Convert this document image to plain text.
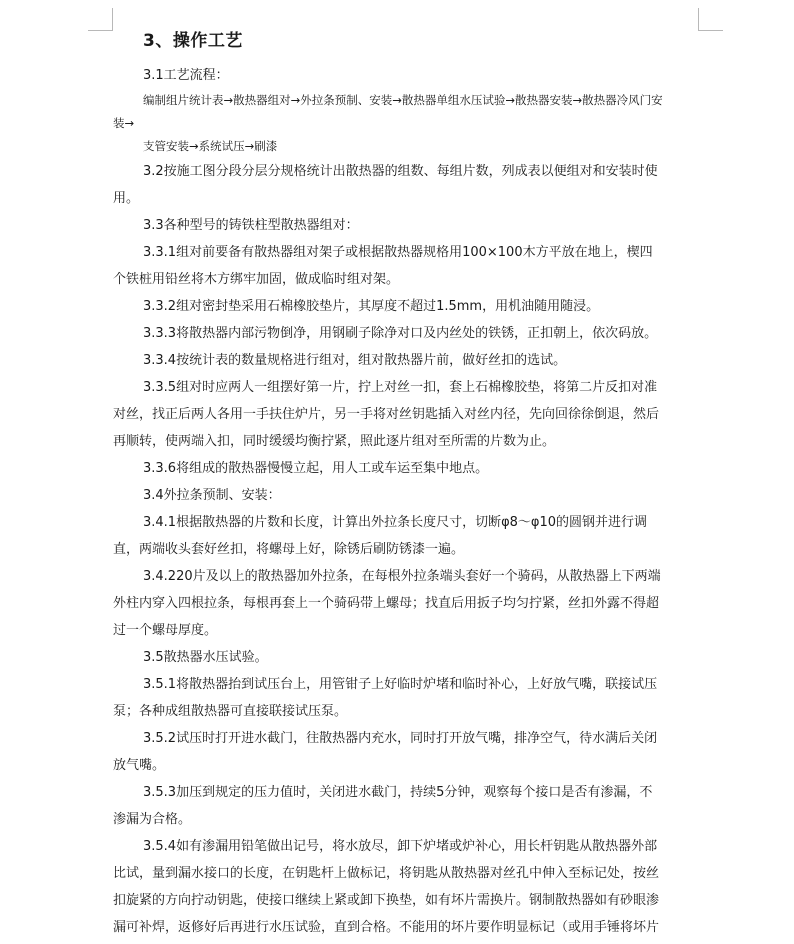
3、操作工艺

3.1工艺流程：

编制组片统计表→散热器组对→外拉条预制、安装→散热器单组水压试验→散热器安装→散热器冷风门安

装→

支管安装→系统试压→刷漆

3.2按施工图分段分层分规格统计出散热器的组数、每组片数，列成表以便组对和安装时使

用。

3.3各种型号的铸铁柱型散热器组对：

3.3.1组对前要备有散热器组对架子或根据散热器规格用100×100木方平放在地上，楔四

个铁桩用铅丝将木方绑牢加固，做成临时组对架。

3.3.2组对密封垫采用石棉橡胶垫片，其厚度不超过1.5mm，用机油随用随浸。

3.3.3将散热器内部污物倒净，用钢刷子除净对口及内丝处的铁锈，正扣朝上，依次码放。

3.3.4按统计表的数量规格进行组对，组对散热器片前，做好丝扣的选试。

3.3.5组对时应两人一组摆好第一片，拧上对丝一扣，套上石棉橡胶垫，将第二片反扣对准

对丝，找正后两人各用一手扶住炉片，另一手将对丝钥匙插入对丝内径，先向回徐徐倒退，然后

再顺转，使两端入扣，同时缓缓均衡拧紧，照此逐片组对至所需的片数为止。

3.3.6将组成的散热器慢慢立起，用人工或车运至集中地点。

3.4外拉条预制、安装：

3.4.1根据散热器的片数和长度，计算出外拉条长度尺寸，切断φ8～φ10的圆钢并进行调

直，两端收头套好丝扣，将螺母上好，除锈后刷防锈漆一遍。

3.4.220片及以上的散热器加外拉条，在每根外拉条端头套好一个骑码，从散热器上下两端

外柱内穿入四根拉条，每根再套上一个骑码带上螺母；找直后用扳子均匀拧紧，丝扣外露不得超

过一个螺母厚度。

3.5散热器水压试验。

3.5.1将散热器抬到试压台上，用管钳子上好临时炉堵和临时补心，上好放气嘴，联接试压

泵；各种成组散热器可直接联接试压泵。

3.5.2试压时打开进水截门，往散热器内充水，同时打开放气嘴，排净空气，待水满后关闭

放气嘴。

3.5.3加压到规定的压力值时，关闭进水截门，持续5分钟，观察每个接口是否有渗漏，不

渗漏为合格。

3.5.4如有渗漏用铅笔做出记号，将水放尽，卸下炉堵或炉补心，用长杆钥匙从散热器外部

比试，量到漏水接口的长度，在钥匙杆上做标记，将钥匙从散热器对丝孔中伸入至标记处，按丝

扣旋紧的方向拧动钥匙，使接口继续上紧或卸下换垫，如有坏片需换片。钢制散热器如有砂眼渗

漏可补焊，返修好后再进行水压试验，直到合格。不能用的坏片要作明显标记（或用手锤将坏片
